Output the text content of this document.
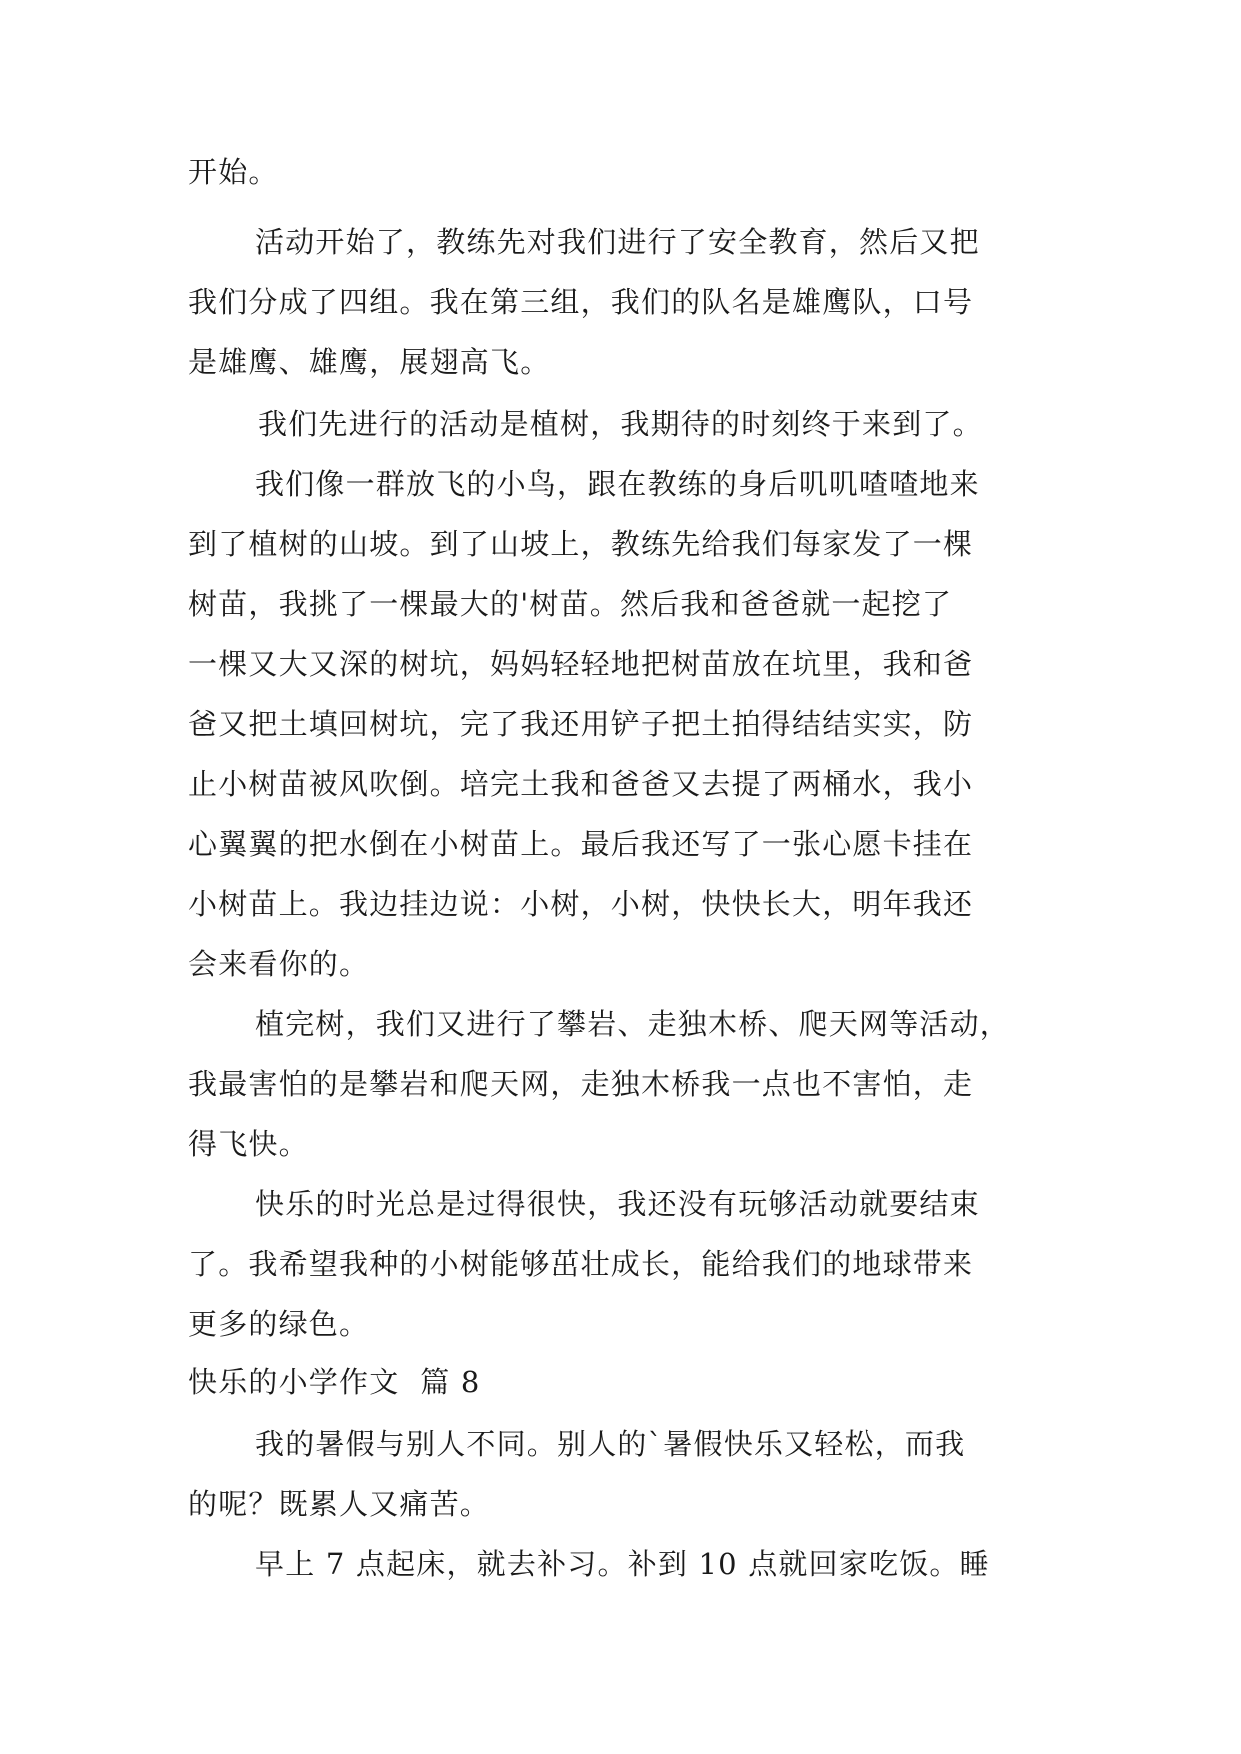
开始。
活动开始了，教练先对我们进行了安全教育，然后又把
我们分成了四组。我在第三组，我们的队名是雄鹰队，口号
是雄鹰、雄鹰，展翅高飞。
我们先进行的活动是植树，我期待的时刻终于来到了。
我们像一群放飞的小鸟，跟在教练的身后叽叽喳喳地来
到了植树的山坡。到了山坡上，教练先给我们每家发了一棵
树苗，我挑了一棵最大的'树苗。然后我和爸爸就一起挖了
一棵又大又深的树坑，妈妈轻轻地把树苗放在坑里，我和爸
爸又把土填回树坑，完了我还用铲子把土拍得结结实实，防
止小树苗被风吹倒。培完土我和爸爸又去提了两桶水，我小
心翼翼的把水倒在小树苗上。最后我还写了一张心愿卡挂在
小树苗上。我边挂边说：小树，小树，快快长大，明年我还
会来看你的。
植完树，我们又进行了攀岩、走独木桥、爬天网等活动，
我最害怕的是攀岩和爬天网，走独木桥我一点也不害怕，走
得飞快。
快乐的时光总是过得很快，我还没有玩够活动就要结束
了。我希望我种的小树能够茁壮成长，能给我们的地球带来
更多的绿色。
快乐的小学作文  篇 8
我的暑假与别人不同。别人的`暑假快乐又轻松，而我
的呢？既累人又痛苦。
早上 7 点起床，就去补习。补到 10 点就回家吃饭。睡
